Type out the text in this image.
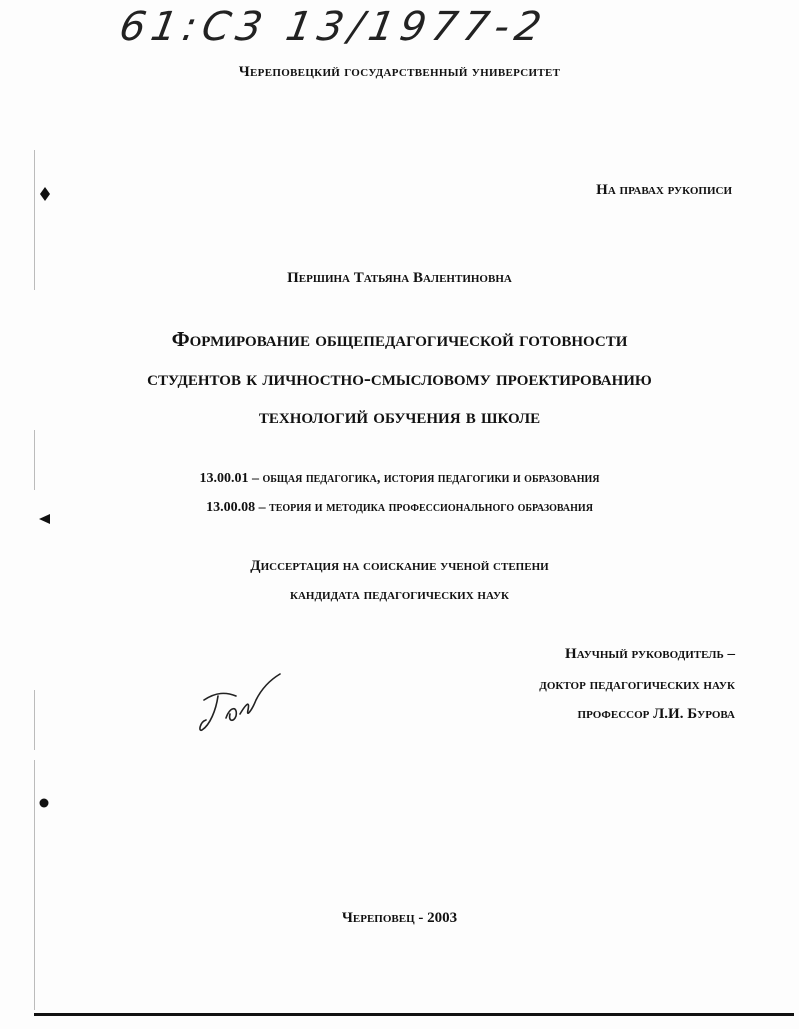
61:С3 13/1977-2
Череповецкий государственный университет
На правах рукописи
Першина Татьяна Валентиновна
Формирование общепедагогической готовности
студентов к личностно-смысловому проектированию
технологий обучения в школе
13.00.01 – общая педагогика, история педагогики и образования
13.00.08 – теория и методика профессионального образования
Диссертация на соискание ученой степени
кандидата педагогических наук
Научный руководитель –
доктор педагогических наук
профессор Л.И. Бурова
Череповец - 2003
